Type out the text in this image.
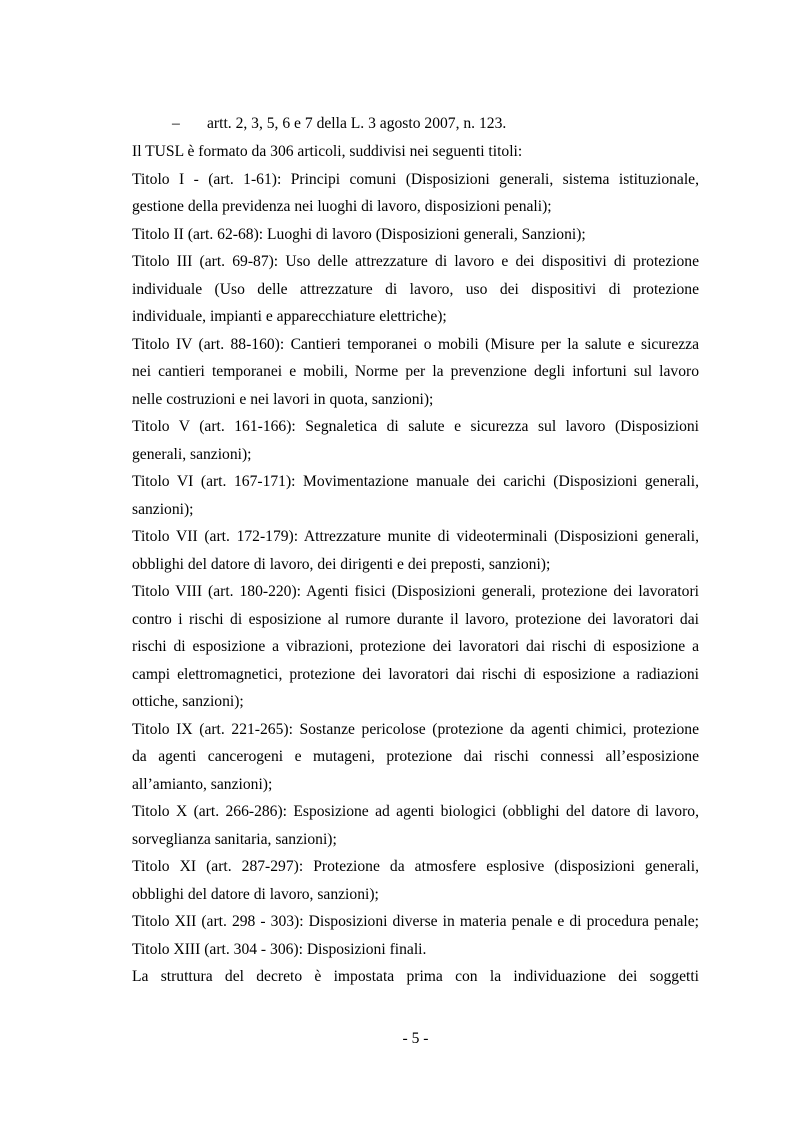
– artt. 2, 3, 5, 6 e 7 della L. 3 agosto 2007, n. 123.
Il TUSL è formato da 306 articoli, suddivisi nei seguenti titoli:
Titolo I - (art. 1-61): Principi comuni (Disposizioni generali, sistema istituzionale,
gestione della previdenza nei luoghi di lavoro, disposizioni penali);
Titolo II (art. 62-68): Luoghi di lavoro (Disposizioni generali, Sanzioni);
Titolo III (art. 69-87): Uso delle attrezzature di lavoro e dei dispositivi di protezione
individuale (Uso delle attrezzature di lavoro, uso dei dispositivi di protezione
individuale, impianti e apparecchiature elettriche);
Titolo IV (art. 88-160): Cantieri temporanei o mobili (Misure per la salute e sicurezza
nei cantieri temporanei e mobili, Norme per la prevenzione degli infortuni sul lavoro
nelle costruzioni e nei lavori in quota, sanzioni);
Titolo V (art. 161-166): Segnaletica di salute e sicurezza sul lavoro (Disposizioni
generali, sanzioni);
Titolo VI (art. 167-171): Movimentazione manuale dei carichi (Disposizioni generali,
sanzioni);
Titolo VII (art. 172-179): Attrezzature munite di videoterminali (Disposizioni generali,
obblighi del datore di lavoro, dei dirigenti e dei preposti, sanzioni);
Titolo VIII (art. 180-220): Agenti fisici (Disposizioni generali, protezione dei lavoratori
contro i rischi di esposizione al rumore durante il lavoro, protezione dei lavoratori dai
rischi di esposizione a vibrazioni, protezione dei lavoratori dai rischi di esposizione a
campi elettromagnetici, protezione dei lavoratori dai rischi di esposizione a radiazioni
ottiche, sanzioni);
Titolo IX (art. 221-265): Sostanze pericolose (protezione da agenti chimici, protezione
da agenti cancerogeni e mutageni, protezione dai rischi connessi all’esposizione
all’amianto, sanzioni);
Titolo X (art. 266-286): Esposizione ad agenti biologici (obblighi del datore di lavoro,
sorveglianza sanitaria, sanzioni);
Titolo XI (art. 287-297): Protezione da atmosfere esplosive (disposizioni generali,
obblighi del datore di lavoro, sanzioni);
Titolo XII (art. 298 - 303): Disposizioni diverse in materia penale e di procedura penale;
Titolo XIII (art. 304 - 306): Disposizioni finali.
La struttura del decreto è impostata prima con la individuazione dei soggetti
- 5 -
